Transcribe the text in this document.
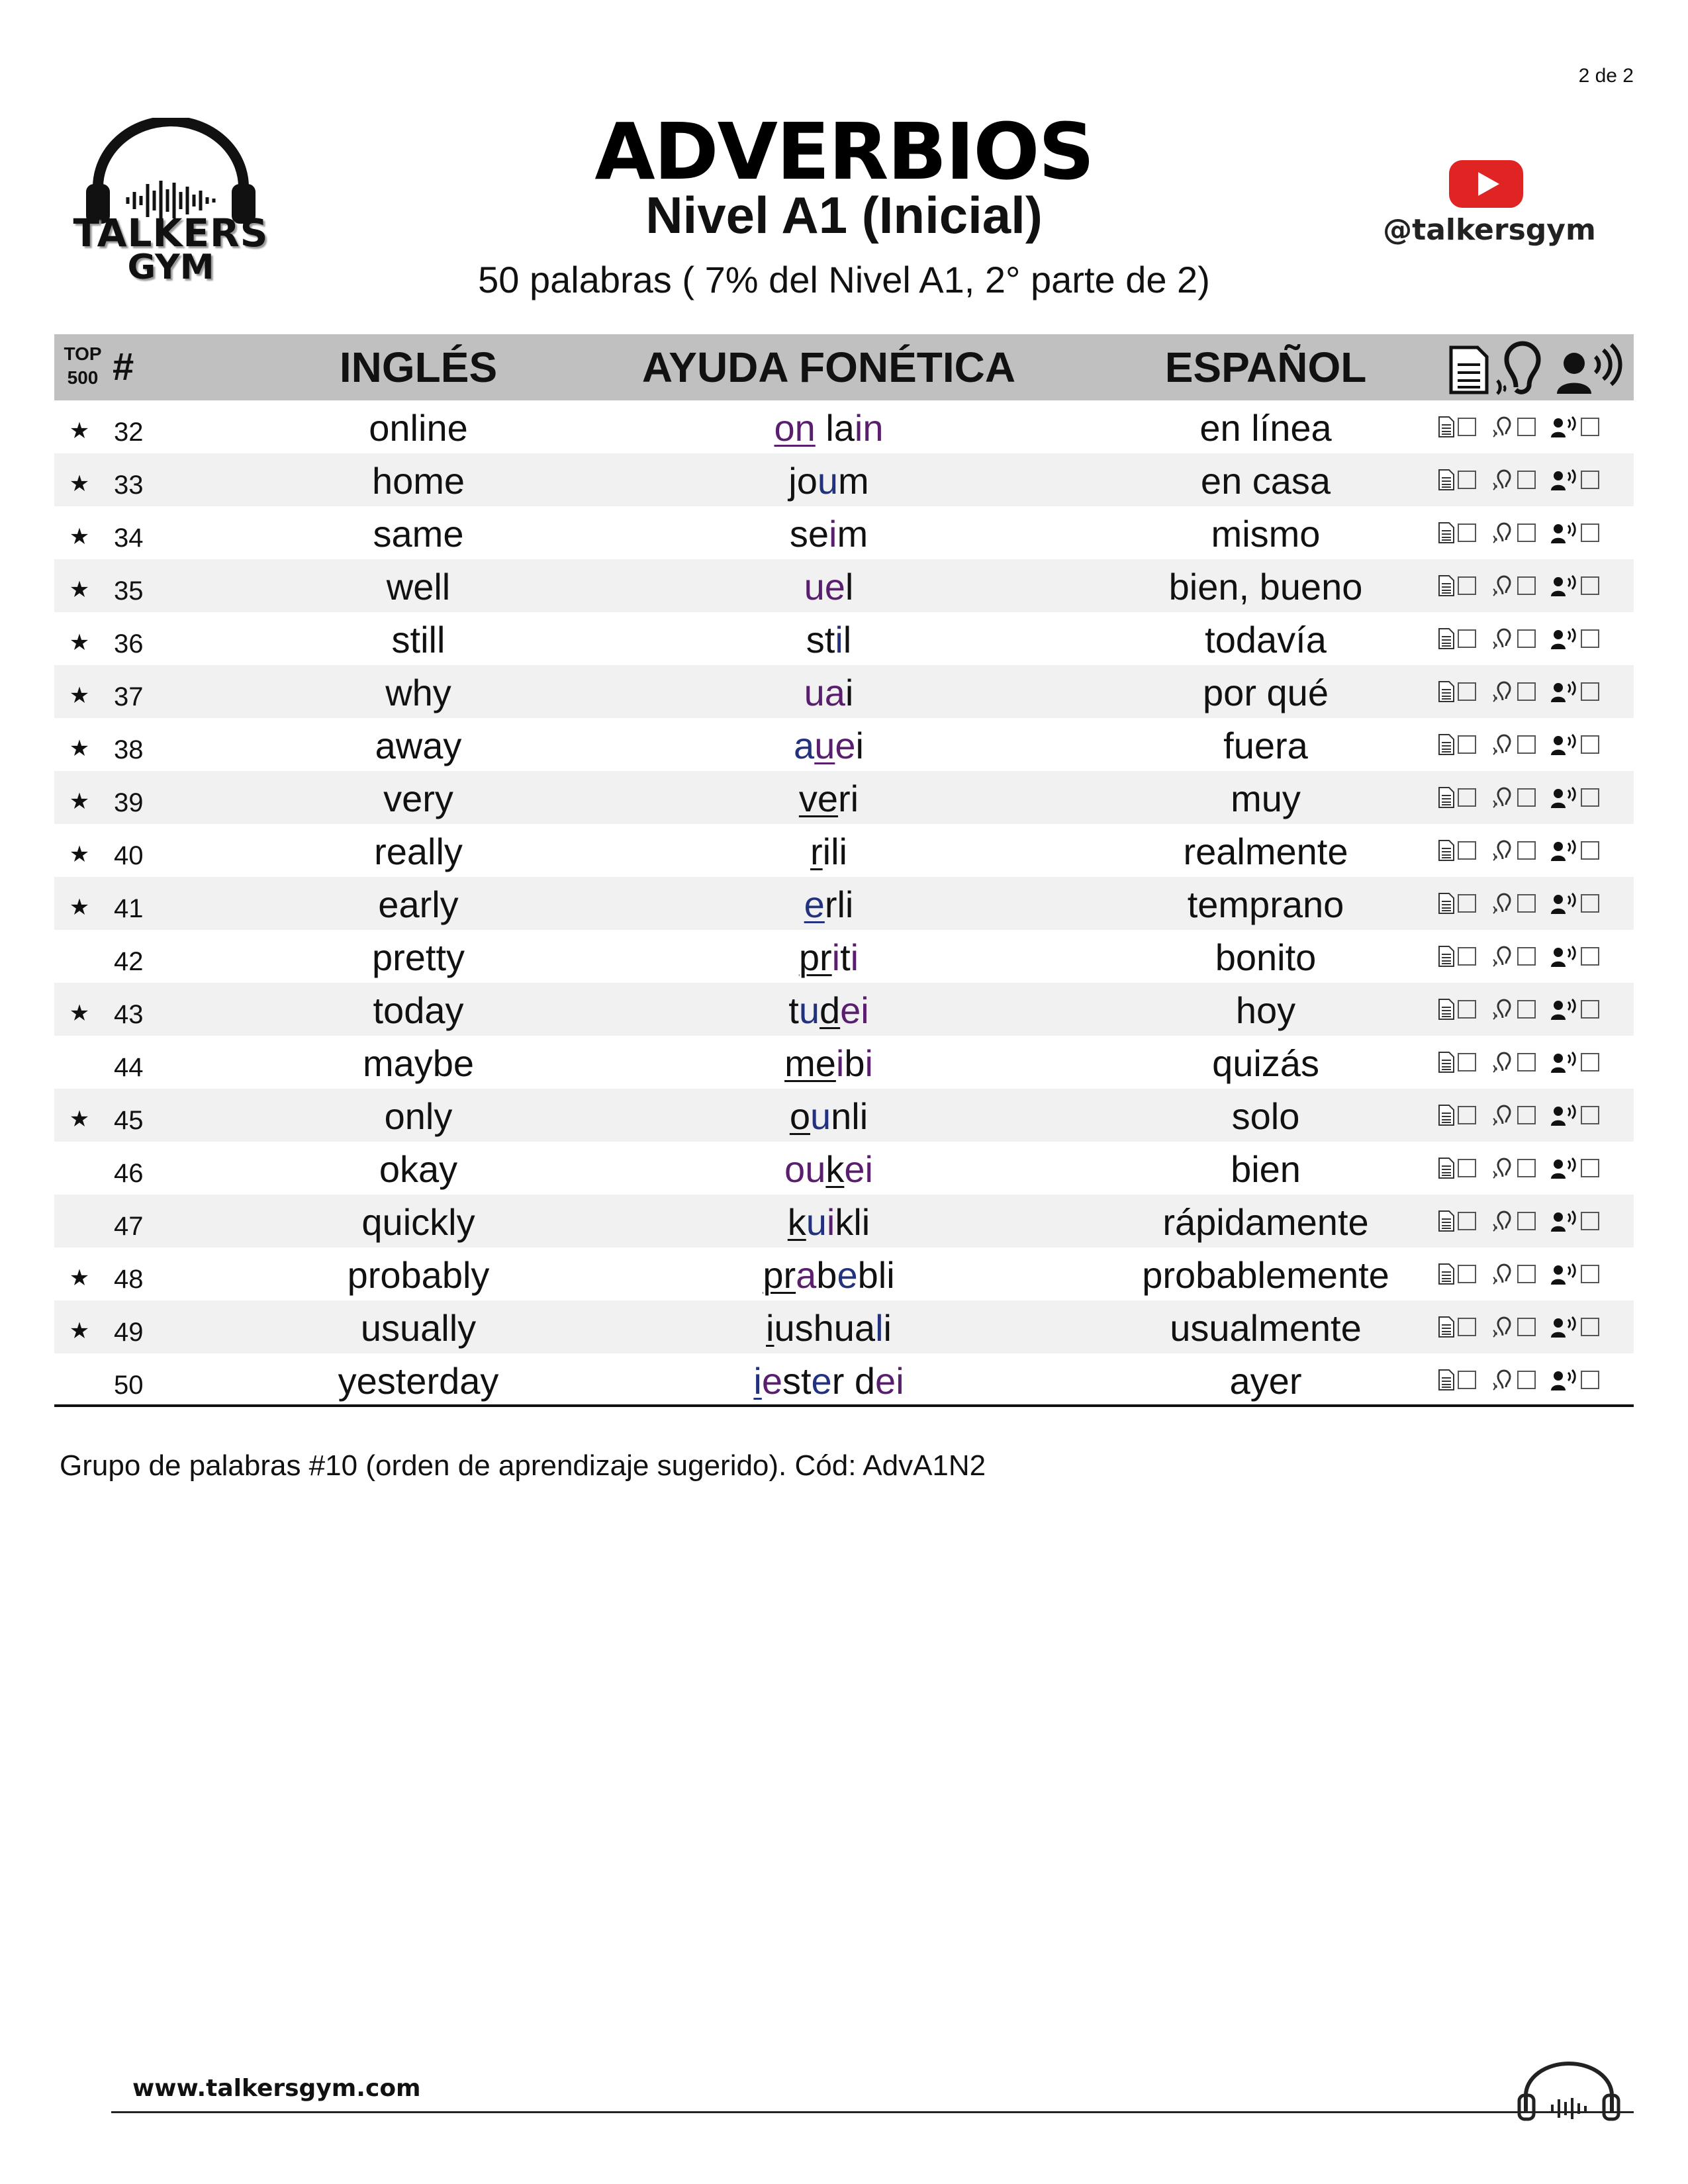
2 de 2
TALKERS
GYM
ADVERBIOS
Nivel A1 (Inicial)
50 palabras ( 7% del Nivel A1, 2° parte de 2)
@talkersgym
TOP
500 #	INGLÉS	AYUDA FONÉTICA	ESPAÑOL
★ 32	online	on lain	en línea
★ 33	home	joum	en casa
★ 34	same	seim	mismo
★ 35	well	uel	bien, bueno
★ 36	still	stil	todavía
★ 37	why	uai	por qué
★ 38	away	auei	fuera
★ 39	very	veri	muy
★ 40	really	rili	realmente
★ 41	early	erli	temprano
42	pretty	priti	bonito
★ 43	today	tudei	hoy
44	maybe	meibi	quizás
★ 45	only	ounli	solo
46	okay	oukei	bien
47	quickly	kuikli	rápidamente
★ 48	probably	prabebli	probablemente
★ 49	usually	iushuali	usualmente
50	yesterday	iester dei	ayer
Grupo de palabras #10 (orden de aprendizaje sugerido). Cód: AdvA1N2
www.talkersgym.com
